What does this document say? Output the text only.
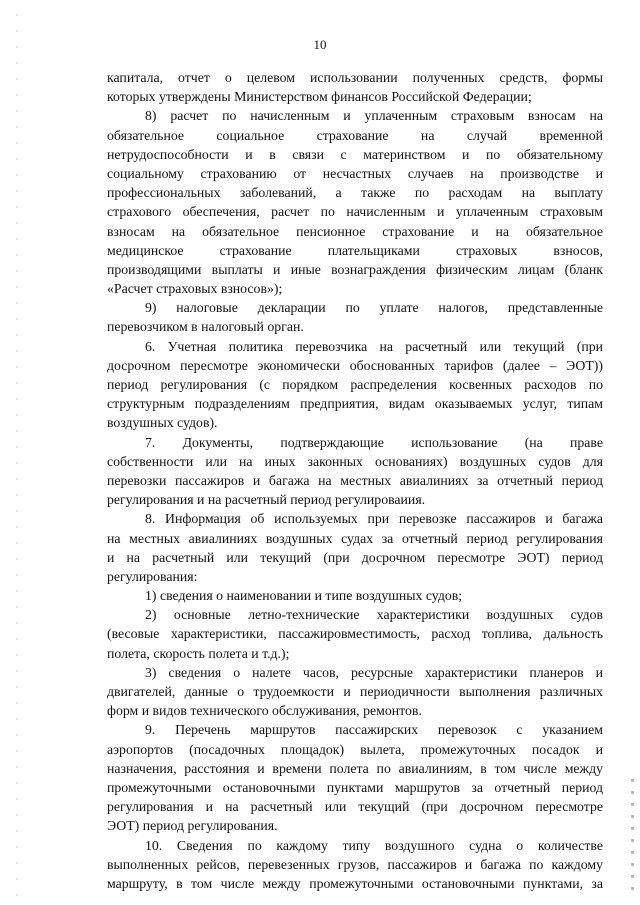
10
капитала, отчет о целевом использовании полученных средств, формы
которых утверждены Министерством финансов Российской Федерации;
8) расчет по начисленным и уплаченным страховым взносам на
обязательное социальное страхование на случай временной
нетрудоспособности и в связи с материнством и по обязательному
социальному страхованию от несчастных случаев на производстве и
профессиональных заболеваний, а также по расходам на выплату
страхового обеспечения, расчет по начисленным и уплаченным страховым
взносам на обязательное пенсионное страхование и на обязательное
медицинское страхование плательщиками страховых взносов,
производящими выплаты и иные вознаграждения физическим лицам (бланк
«Расчет страховых взносов»);
9) налоговые декларации по уплате налогов, представленные
перевозчиком в налоговый орган.
6. Учетная политика перевозчика на расчетный или текущий (при
досрочном пересмотре экономически обоснованных тарифов (далее – ЭОТ))
период регулирования (с порядком распределения косвенных расходов по
структурным подразделениям предприятия, видам оказываемых услуг, типам
воздушных судов).
7. Документы, подтверждающие использование (на праве
собственности или на иных законных основаниях) воздушных судов для
перевозки пассажиров и багажа на местных авиалиниях за отчетный период
регулирования и на расчетный период регулироваиия.
8. Информация об используемых при перевозке пассажиров и багажа
на местных авиалиниях воздушных судах за отчетный период регулирования
и на расчетный или текущий (при досрочном пересмотре ЭОТ) период
регулирования:
1) сведения о наименовании и типе воздушных судов;
2) основные летно-технические характеристики воздушных судов
(весовые характеристики, пассажировместимость, расход топлива, дальность
полета, скорость полета и т.д.);
3) сведения о налете часов, ресурсные характеристики планеров и
двигателей, данные о трудоемкости и периодичности выполнения различных
форм и видов технического обслуживания, ремонтов.
9. Перечень маршрутов пассажирских перевозок с указанием
аэропортов (посадочных площадок) вылета, промежуточных посадок и
назначения, расстояния и времени полета по авиалиниям, в том числе между
промежуточными остановочными пунктами маршрутов за отчетный период
регулирования и на расчетный или текущий (при досрочном пересмотре
ЭОТ) период регулирования.
10. Сведения по каждому типу воздушного судна о количестве
выполненных рейсов, перевезенных грузов, пассажиров и багажа по каждому
маршруту, в том числе между промежуточными остановочными пунктами, за
